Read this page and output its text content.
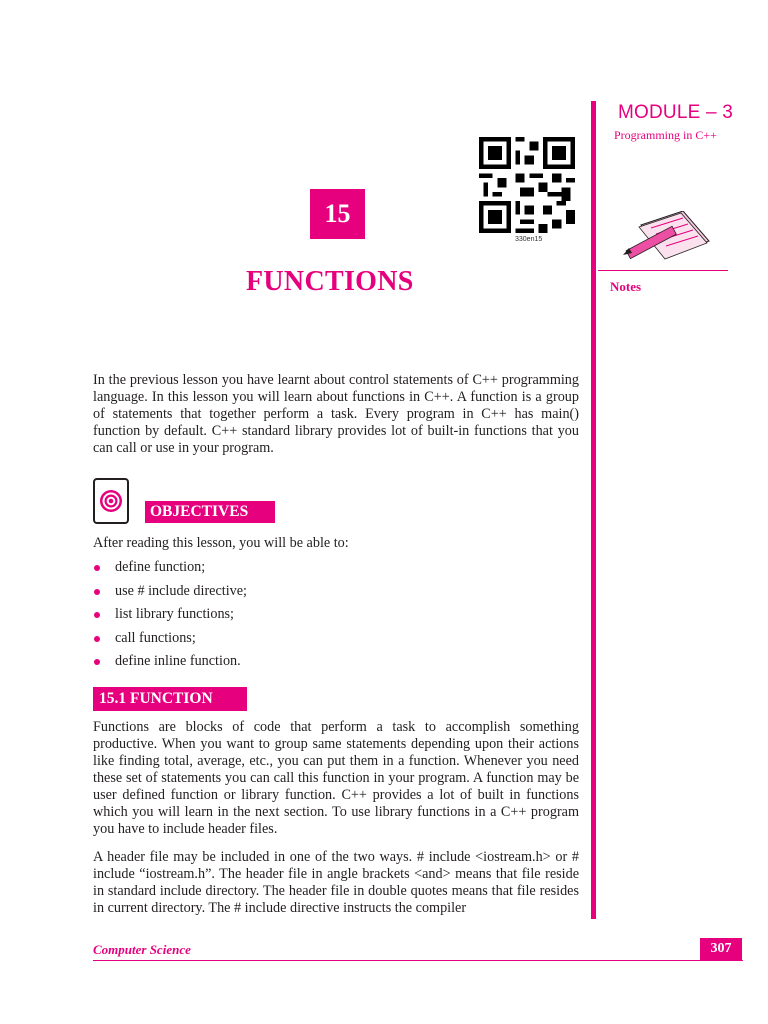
MODULE – 3
Programming in C++
Notes
330en15
15
FUNCTIONS

In the previous lesson you have learnt about control statements of C++ programming language. In this lesson you will learn about functions in C++. A function is a group of statements that together perform a task. Every program in C++ has main() function by default. C++ standard library provides lot of built-in functions that you can call or use in your program.

OBJECTIVES

After reading this lesson, you will be able to:

define function;
use # include directive;
list library functions;
call functions;
define inline function.
15.1 FUNCTION

Functions are blocks of code that perform a task to accomplish something productive. When you want to group same statements depending upon their actions like finding total, average, etc., you can put them in a function. Whenever you need these set of statements you can call this function in your program. A function may be user defined function or library function. C++ provides a lot of built in functions which you will learn in the next section. To use library functions in a C++ program you have to include header files.

A header file may be included in one of the two ways. # include <iostream.h> or # include “iostream.h”. The header file in angle brackets <and> means that file reside in standard include directory. The header file in double quotes means that file resides in current directory. The # include directive instructs the compiler

Computer Science	307
